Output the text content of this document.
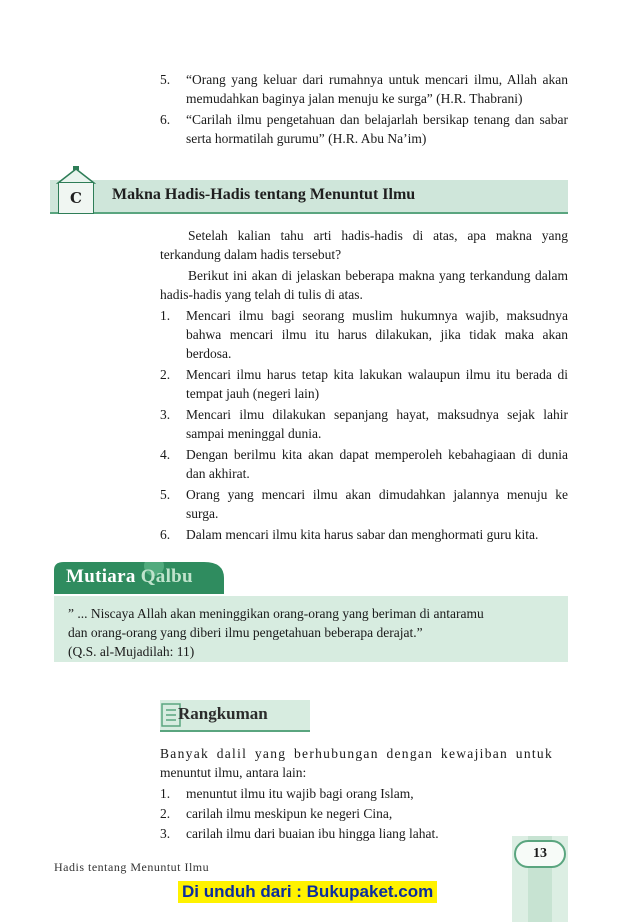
5.	“Orang yang keluar dari rumahnya untuk mencari ilmu, Allah akan memudahkan baginya jalan menuju ke surga” (H.R. Thabrani)
6.	“Carilah ilmu pengetahuan dan belajarlah bersikap tenang dan sabar serta hormatilah gurumu” (H.R. Abu Na’im)
C	Makna Hadis-Hadis tentang Menuntut Ilmu
Setelah kalian tahu arti hadis-hadis di atas, apa makna yang terkandung dalam hadis tersebut?
Berikut ini akan di jelaskan beberapa makna yang terkandung dalam hadis-hadis yang telah di tulis di atas.
1.	Mencari ilmu bagi seorang muslim hukumnya wajib, maksudnya bahwa mencari ilmu itu harus dilakukan, jika tidak maka akan berdosa.
2.	Mencari ilmu harus tetap kita lakukan walaupun ilmu itu berada di tempat jauh (negeri lain)
3.	Mencari ilmu dilakukan sepanjang hayat, maksudnya sejak lahir sampai meninggal dunia.
4.	Dengan berilmu kita akan dapat memperoleh kebahagiaan di dunia dan akhirat.
5.	Orang yang mencari ilmu akan dimudahkan jalannya menuju ke surga.
6.	Dalam mencari ilmu kita harus sabar dan menghormati guru kita.
Mutiara Qalbu
” ... Niscaya Allah akan meninggikan orang-orang yang beriman di antaramu
dan orang-orang yang diberi ilmu pengetahuan beberapa derajat.”
(Q.S. al-Mujadilah: 11)
Rangkuman
Banyak dalil yang berhubungan dengan kewajiban untuk
menuntut ilmu, antara lain:
1.	menuntut ilmu itu wajib bagi orang Islam,
2.	carilah ilmu meskipun ke negeri Cina,
3.	carilah ilmu dari buaian ibu hingga liang lahat.
13
Hadis tentang Menuntut Ilmu
Di unduh dari : Bukupaket.com
